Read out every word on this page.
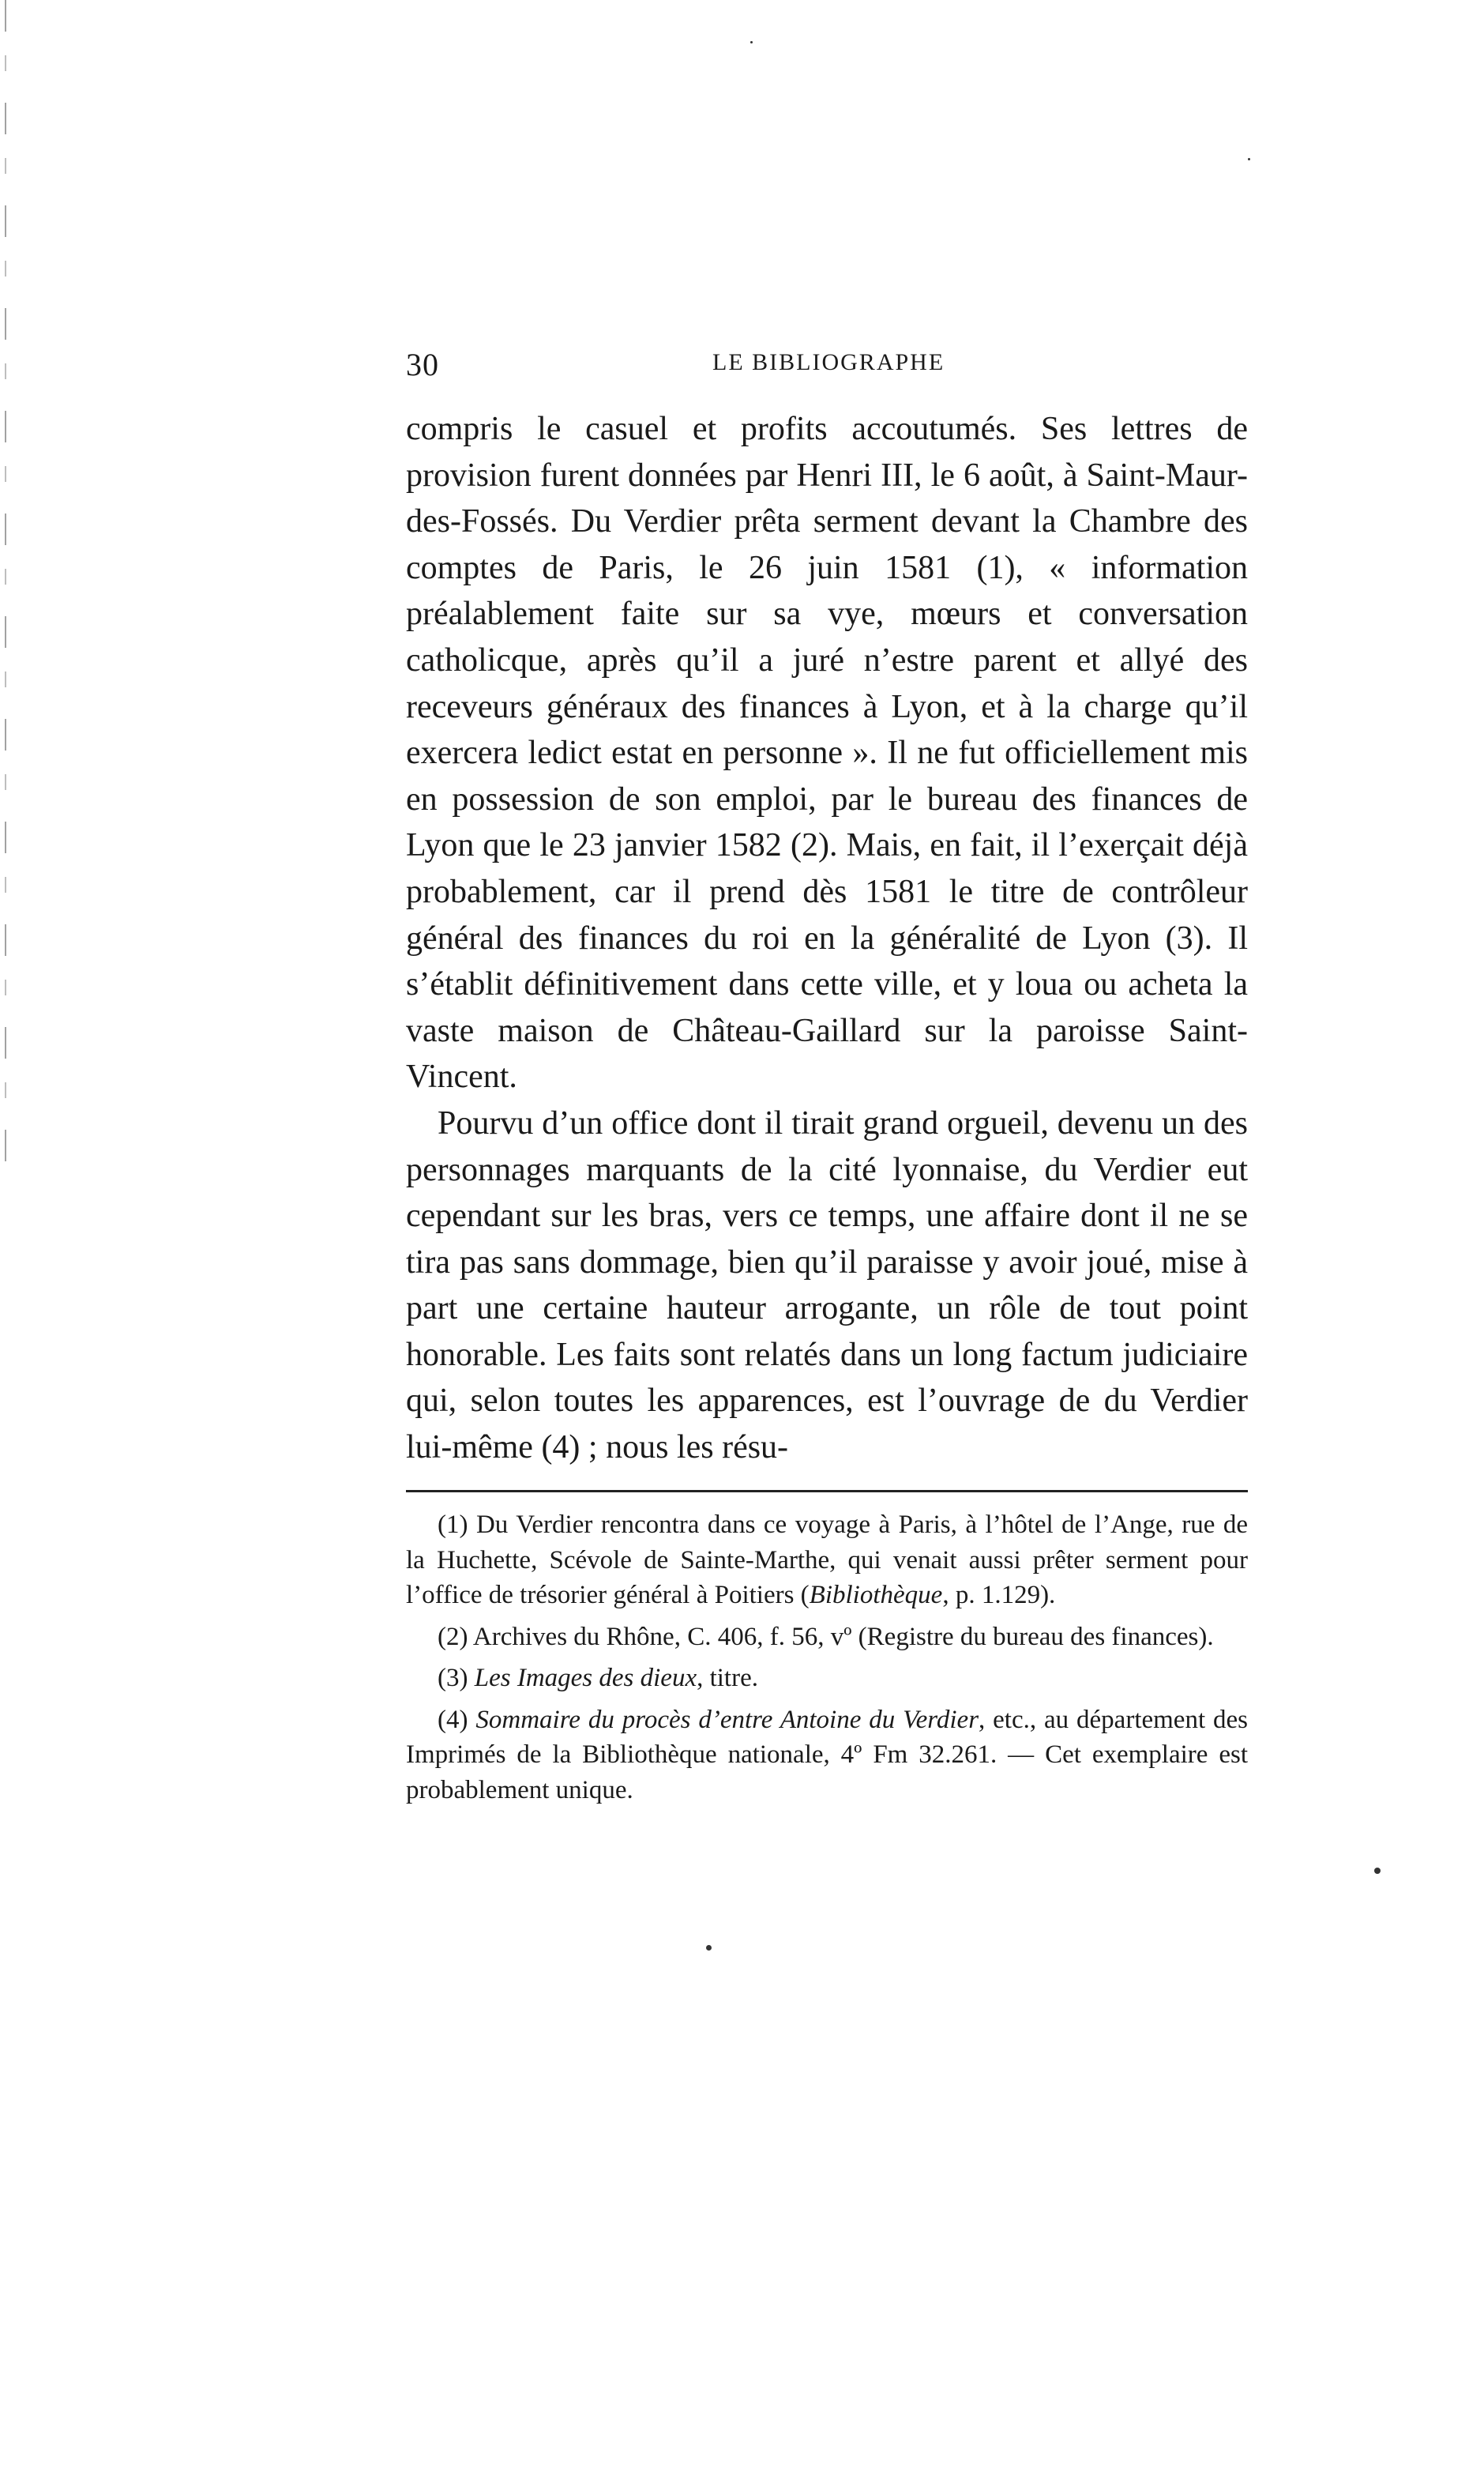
30	LE BIBLIOGRAPHE

compris le casuel et profits accoutumés. Ses lettres de provision furent données par Henri III, le 6 août, à Saint-Maur-des-Fossés. Du Verdier prêta serment devant la Chambre des comptes de Paris, le 26 juin 1581 (1), « information préalablement faite sur sa vye, mœurs et conversation catholicque, après qu’il a juré n’estre parent et allyé des receveurs généraux des finances à Lyon, et à la charge qu’il exercera ledict estat en personne ». Il ne fut officiellement mis en possession de son emploi, par le bureau des finances de Lyon que le 23 janvier 1582 (2). Mais, en fait, il l’exerçait déjà probablement, car il prend dès 1581 le titre de contrôleur général des finances du roi en la généralité de Lyon (3). Il s’établit définitivement dans cette ville, et y loua ou acheta la vaste maison de Château-Gaillard sur la paroisse Saint-Vincent.

Pourvu d’un office dont il tirait grand orgueil, devenu un des personnages marquants de la cité lyonnaise, du Verdier eut cependant sur les bras, vers ce temps, une affaire dont il ne se tira pas sans dommage, bien qu’il paraisse y avoir joué, mise à part une certaine hauteur arrogante, un rôle de tout point honorable. Les faits sont relatés dans un long factum judiciaire qui, selon toutes les apparences, est l’ouvrage de du Verdier lui-même (4) ; nous les résu-

(1) Du Verdier rencontra dans ce voyage à Paris, à l’hôtel de l’Ange, rue de la Huchette, Scévole de Sainte-Marthe, qui venait aussi prêter serment pour l’office de trésorier général à Poitiers (Bibliothèque, p. 1.129).

(2) Archives du Rhône, C. 406, f. 56, vº (Registre du bureau des finances).

(3) Les Images des dieux, titre.

(4) Sommaire du procès d’entre Antoine du Verdier, etc., au département des Imprimés de la Bibliothèque nationale, 4º Fm 32.261. — Cet exemplaire est probablement unique.
